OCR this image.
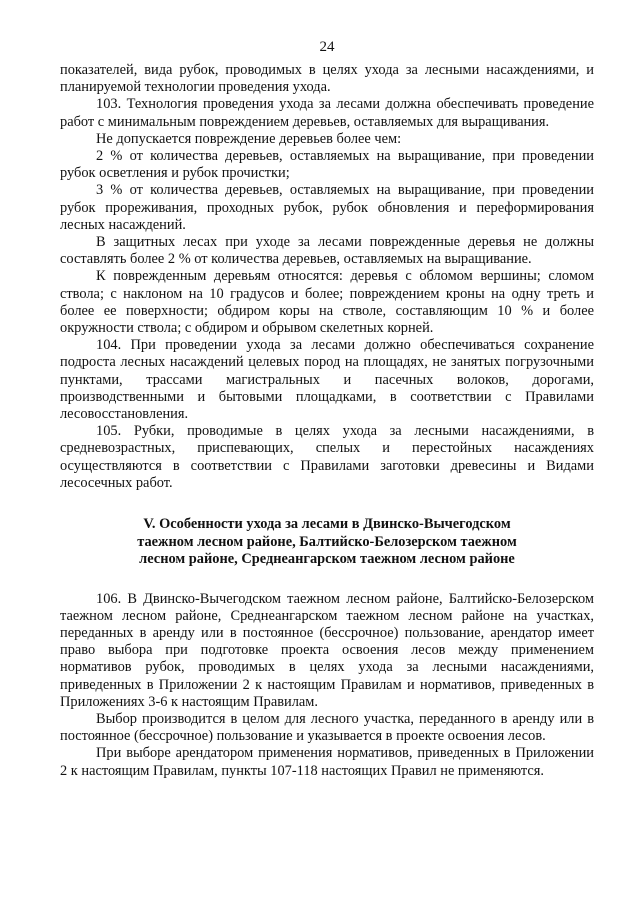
24

показателей, вида рубок, проводимых в целях ухода за лесными насаждениями, и планируемой технологии проведения ухода.

103. Технология проведения ухода за лесами должна обеспечивать проведение работ с минимальным повреждением деревьев, оставляемых для выращивания.

Не допускается повреждение деревьев более чем:

2 % от количества деревьев, оставляемых на выращивание, при проведении рубок осветления и рубок прочистки;

3 % от количества деревьев, оставляемых на выращивание, при проведении рубок прореживания, проходных рубок, рубок обновления и переформирования лесных насаждений.

В защитных лесах при уходе за лесами поврежденные деревья не должны составлять более 2 % от количества деревьев, оставляемых на выращивание.

К поврежденным деревьям относятся: деревья с обломом вершины; сломом ствола; с наклоном на 10 градусов и более; повреждением кроны на одну треть и более ее поверхности; обдиром коры на стволе, составляющим 10 % и более окружности ствола; с обдиром и обрывом скелетных корней.

104. При проведении ухода за лесами должно обеспечиваться сохранение подроста лесных насаждений целевых пород на площадях, не занятых погрузочными пунктами, трассами магистральных и пасечных волоков, дорогами, производственными и бытовыми площадками, в соответствии с Правилами лесовосстановления.

105. Рубки, проводимые в целях ухода за лесными насаждениями, в средневозрастных, приспевающих, спелых и перестойных насаждениях осуществляются в соответствии с Правилами заготовки древесины и Видами лесосечных работ.

V. Особенности ухода за лесами в Двинско-Вычегодском
таежном лесном районе, Балтийско-Белозерском таежном
лесном районе, Среднеангарском таежном лесном районе

106. В Двинско-Вычегодском таежном лесном районе, Балтийско-Белозерском таежном лесном районе, Среднеангарском таежном лесном районе на участках, переданных в аренду или в постоянное (бессрочное) пользование, арендатор имеет право выбора при подготовке проекта освоения лесов между применением нормативов рубок, проводимых в целях ухода за лесными насаждениями, приведенных в Приложении 2 к настоящим Правилам и нормативов, приведенных в Приложениях 3-6 к настоящим Правилам.

Выбор производится в целом для лесного участка, переданного в аренду или в постоянное (бессрочное) пользование и указывается в проекте освоения лесов.

При выборе арендатором применения нормативов, приведенных в Приложении 2 к настоящим Правилам, пункты 107-118 настоящих Правил не применяются.
